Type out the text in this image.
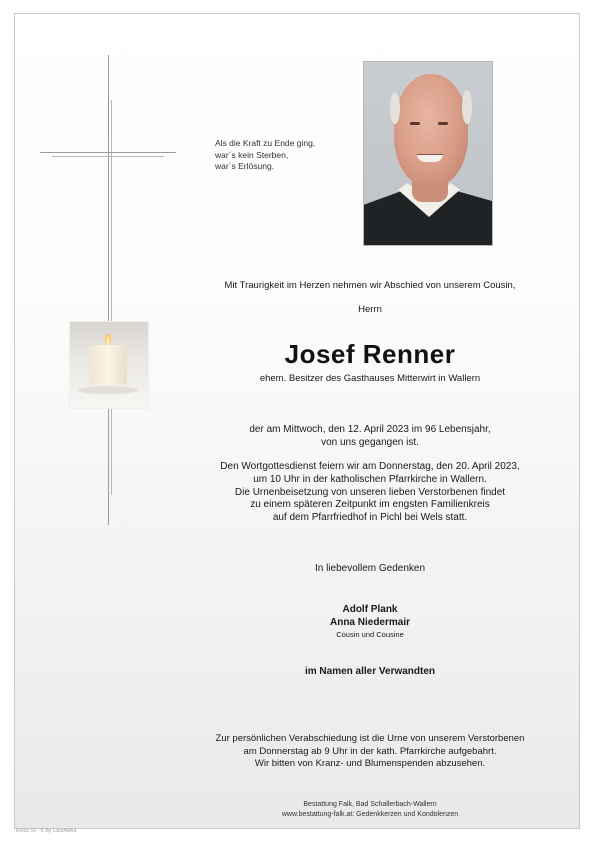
Als die Kraft zu Ende ging,
war´s kein Sterben,
war´s Erlösung.
Mit Traurigkeit im Herzen nehmen wir Abschied von unserem Cousin,
Herrn
Josef Renner
ehem. Besitzer des Gasthauses Mitterwirt in Wallern
der am Mittwoch, den 12. April 2023 im 96 Lebensjahr,
von uns gegangen ist.
Den Wortgottesdienst feiern wir am Donnerstag, den 20. April 2023,
um 10 Uhr in der katholischen Pfarrkirche in Wallern.
Die Urnenbeisetzung von unseren lieben Verstorbenen findet
zu einem späteren Zeitpunkt im engsten Familienkreis
auf dem Pfarrfriedhof in Pichl bei Wels statt.
In liebevollem Gedenken
Adolf Plank
Anna Niedermair
Cousin und Cousine
im Namen aller Verwandten
Zur persönlichen Verabschiedung ist die Urne von unserem Verstorbenen
am Donnerstag ab 9 Uhr in der kath. Pfarrkirche aufgebahrt.
Wir bitten von Kranz- und Blumenspenden abzusehen.
Bestattung Falk, Bad Schallerbach-Wallern
www.bestattung-falk.at: Gedenkkerzen und Kondolenzen
Kreuz 16 - © By Lisa/Aloha
